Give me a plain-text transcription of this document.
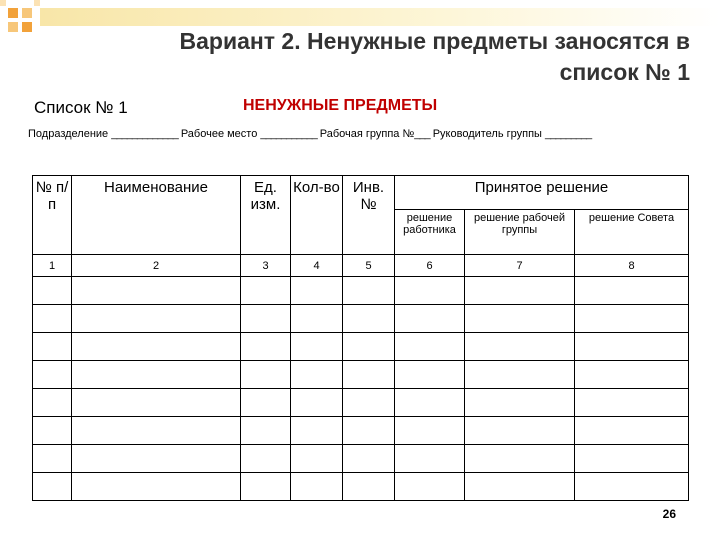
Вариант 2. Ненужные предметы заносятся в
список № 1
Список № 1	НЕНУЖНЫЕ ПРЕДМЕТЫ
Подразделение _____________ Рабочее место ___________ Рабочая группа №___ Руководитель группы _________
№ п/п	Наименование	Ед. изм.	Кол-во	Инв. №	Принятое решение		
					решение работника	решение рабочей группы	решение Совета
1	2	3	4	5	6	7	8

26
